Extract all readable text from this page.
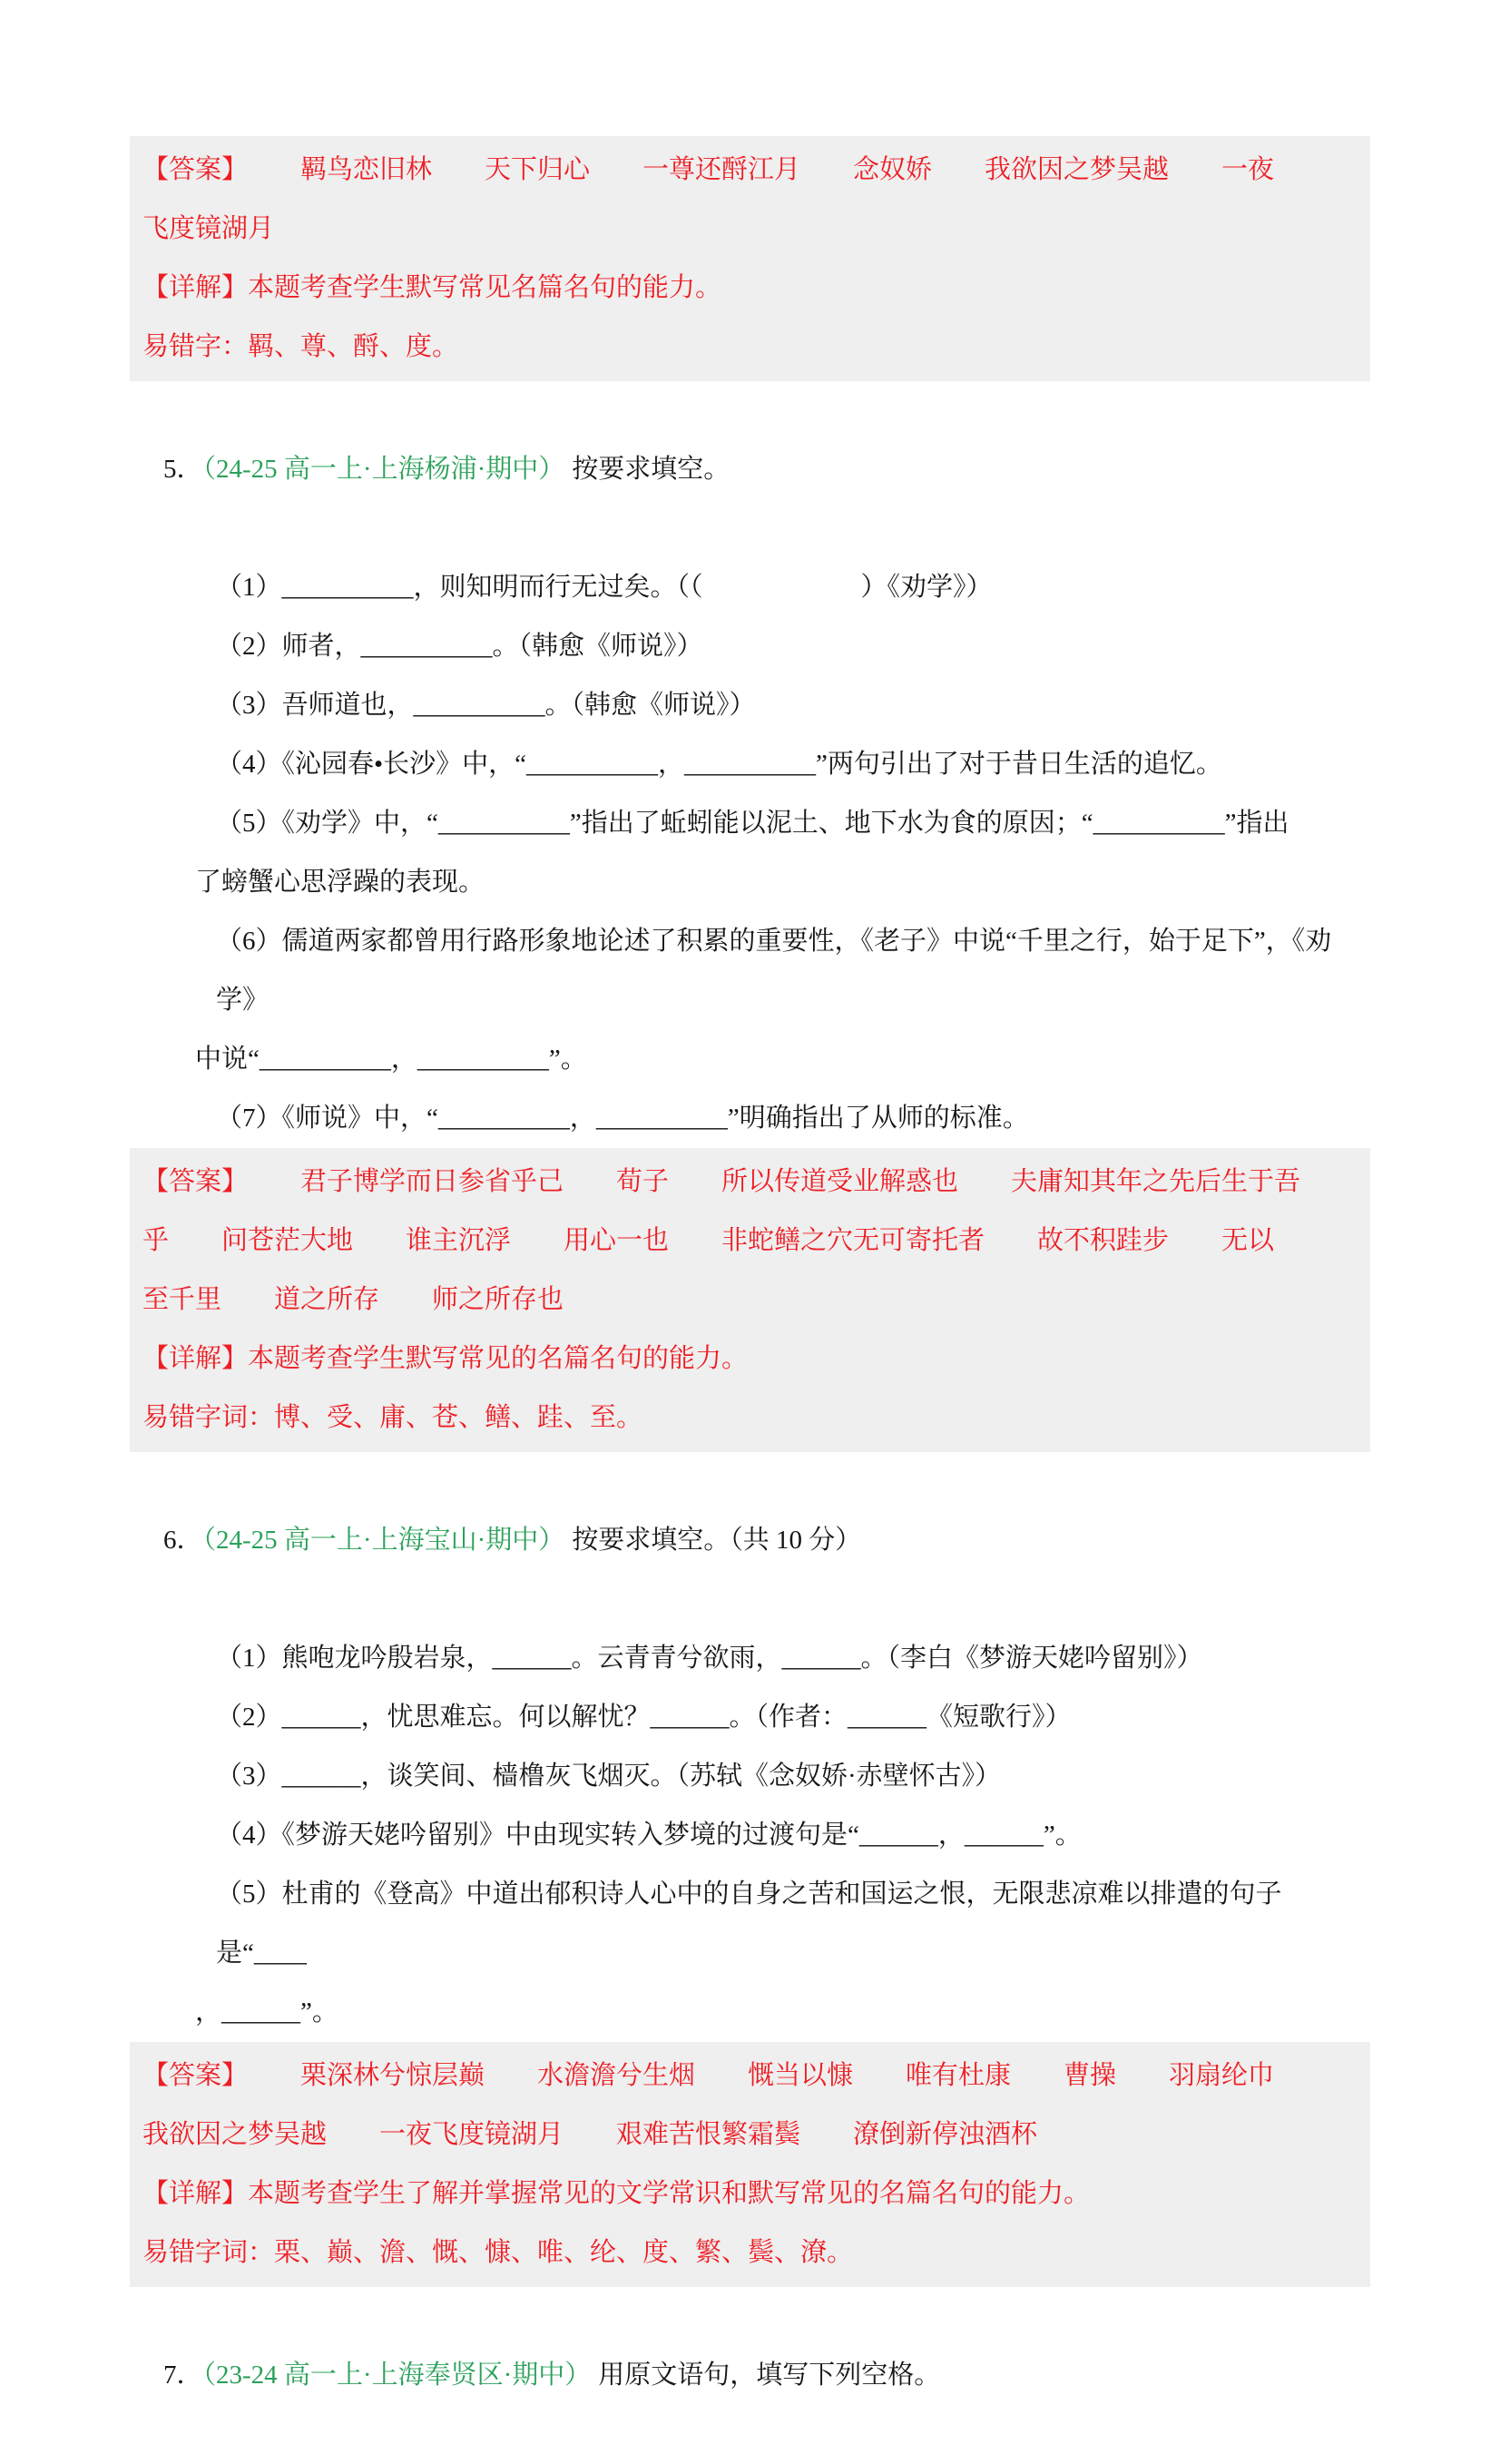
【答案】  羁鸟恋旧林  天下归心  一尊还酹江月  念奴娇  我欲因之梦吴越  一夜
飞度镜湖月
【详解】本题考查学生默写常见名篇名句的能力。
易错字：羁、尊、酹、度。

5．（24-25 高一上·上海杨浦·期中） 按要求填空。

（1）__________，则知明而行无过矣。（（　　　　　　）《劝学》）
（2）师者，__________。（韩愈《师说》）
（3）吾师道也，__________。（韩愈《师说》）
（4）《沁园春•长沙》中，“__________，__________”两句引出了对于昔日生活的追忆。
（5）《劝学》中，“__________”指出了蚯蚓能以泥土、地下水为食的原因；“__________”指出
了螃蟹心思浮躁的表现。
（6）儒道两家都曾用行路形象地论述了积累的重要性，《老子》中说“千里之行，始于足下”，《劝学》
中说“__________，__________”。
（7）《师说》中，“__________，__________”明确指出了从师的标准。
【答案】  君子博学而日参省乎己  荀子  所以传道受业解惑也  夫庸知其年之先后生于吾
乎  问苍茫大地  谁主沉浮  用心一也  非蛇鳝之穴无可寄托者  故不积跬步  无以
至千里  道之所存  师之所存也
【详解】本题考查学生默写常见的名篇名句的能力。
易错字词：博、受、庸、苍、鳝、跬、至。

6．（24-25 高一上·上海宝山·期中） 按要求填空。（共 10 分）

（1）熊咆龙吟殷岩泉，______。云青青兮欲雨，______。（李白《梦游天姥吟留别》）
（2）______，忧思难忘。何以解忧？______。（作者：______《短歌行》）
（3）______，谈笑间、樯橹灰飞烟灭。（苏轼《念奴娇·赤壁怀古》）
（4）《梦游天姥吟留别》中由现实转入梦境的过渡句是“______，______”。
（5）杜甫的《登高》中道出郁积诗人心中的自身之苦和国运之恨，无限悲凉难以排遣的句子是“____
，______”。
【答案】  栗深林兮惊层巅  水澹澹兮生烟  慨当以慷  唯有杜康  曹操  羽扇纶巾
我欲因之梦吴越  一夜飞度镜湖月  艰难苦恨繁霜鬓  潦倒新停浊酒杯
【详解】本题考查学生了解并掌握常见的文学常识和默写常见的名篇名句的能力。
易错字词：栗、巅、澹、慨、慷、唯、纶、度、繁、鬓、潦。

7．（23-24 高一上·上海奉贤区·期中） 用原文语句，填写下列空格。
